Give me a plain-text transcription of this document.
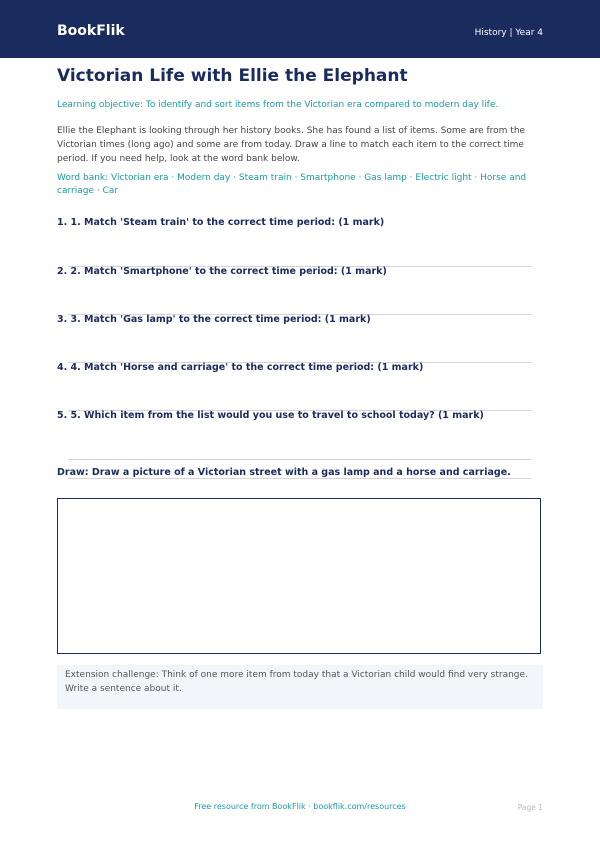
BookFlik	History | Year 4
Victorian Life with Ellie the Elephant
Learning objective: To identify and sort items from the Victorian era compared to modern day life.
Ellie the Elephant is looking through her history books. She has found a list of items. Some are from the Victorian times (long ago) and some are from today. Draw a line to match each item to the correct time period. If you need help, look at the word bank below.
Word bank: Victorian era · Modern day · Steam train · Smartphone · Gas lamp · Electric light · Horse and carriage · Car
1. 1. Match 'Steam train' to the correct time period: (1 mark)
2. 2. Match 'Smartphone' to the correct time period: (1 mark)
3. 3. Match 'Gas lamp' to the correct time period: (1 mark)
4. 4. Match 'Horse and carriage' to the correct time period: (1 mark)
5. 5. Which item from the list would you use to travel to school today? (1 mark)
Draw: Draw a picture of a Victorian street with a gas lamp and a horse and carriage.
Extension challenge: Think of one more item from today that a Victorian child would find very strange. Write a sentence about it.
Free resource from BookFlik · bookflik.com/resources	Page 1
